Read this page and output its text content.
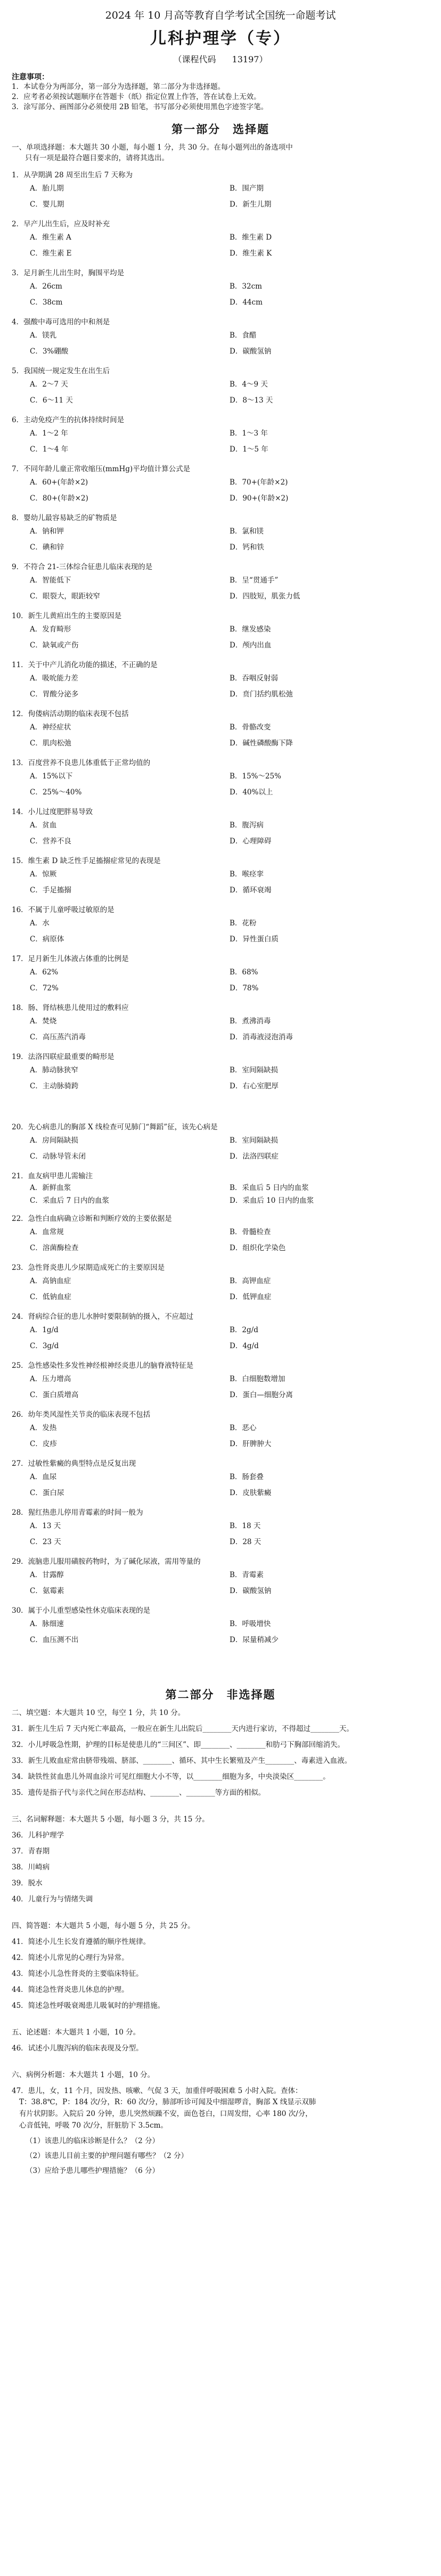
2024 年 10 月高等教育自学考试全国统一命题考试
儿科护理学（专）
（课程代码 13197）
注意事项：
1．本试卷分为两部分，第一部分为选择题，第二部分为非选择题。
2．应考者必须按试题顺序在答题卡（纸）指定位置上作答，答在试卷上无效。
3．涂写部分、画图部分必须使用 2B 铅笔，书写部分必须使用黑色字迹签字笔。
第一部分　选择题
一、单项选择题：本大题共 30 小题，每小题 1 分，共 30 分。在每小题列出的备选项中
只有一项是最符合题目要求的，请将其选出。
1．从孕期满 28 周至出生后 7 天称为
A．胎儿期	B．围产期
C．婴儿期	D．新生儿期
2．早产儿出生后，应及时补充
A．维生素 A	B．维生素 D
C．维生素 E	D．维生素 K
3．足月新生儿出生时，胸围平均是
A．26cm	B．32cm
C．38cm	D．44cm
4．强酸中毒可选用的中和剂是
A．镁乳	B．食醋
C．3%硼酸	D．碳酸氢钠
5．我国统一规定发生在出生后
A．2～7 天	B．4～9 天
C．6～11 天	D．8～13 天
6．主动免疫产生的抗体持续时间是
A．1～2 年	B．1～3 年
C．1～4 年	D．1～5 年
7．不同年龄儿童正常收缩压(mmHg)平均值计算公式是
A．60+(年龄×2)	B．70+(年龄×2)
C．80+(年龄×2)	D．90+(年龄×2)
8．婴幼儿最容易缺乏的矿物质是
A．钠和钾	B．氯和镁
C．碘和锌	D．钙和铁
9．不符合 21-三体综合征患儿临床表现的是
A．智能低下	B．呈“贯通手”
C．眼裂大，眼距较窄	D．四肢短，肌张力低
10．新生儿黄疸出生的主要原因是
A．发育畸形	B．继发感染
C．缺氧或产伤	D．颅内出血
11．关于中产儿消化功能的描述，不正确的是
A．吸吮能力差	B．吞咽反射弱
C．胃酸分泌多	D．贲门括约肌松弛
12．佝偻病活动期的临床表现不包括
A．神经症状	B．骨骼改变
C．肌肉松弛	D．碱性磷酸酶下降
13．百度营养不良患儿体重低于正常均值的
A．15%以下	B．15%～25%
C．25%～40%	D．40%以上
14．小儿过度肥胖易导致
A．贫血	B．腹泻病
C．营养不良	D．心理障碍
15．维生素 D 缺乏性手足搐搦症常见的表现是
A．惊厥	B．喉痉挛
C．手足搐搦	D．循环衰竭
16．不属于儿童呼吸过敏原的是
A．水	B．花粉
C．病原体	D．异性蛋白质
17．足月新生儿体液占体重的比例是
A．62%	B．68%
C．72%	D．78%
18．肠、肾结核患儿使用过的敷料应
A．焚烧	B．煮沸消毒
C．高压蒸汽消毒	D．消毒液浸泡消毒
19．法洛四联症最重要的畸形是
A．肺动脉狭窄	B．室间隔缺损
C．主动脉骑跨	D．右心室肥厚
20．先心病患儿的胸部 X 线检查可见肺门“舞蹈”征，该先心病是
A．房间隔缺损	B．室间隔缺损
C．动脉导管未闭	D．法洛四联症
21．血友病甲患儿需输注
A．新鲜血浆	B．采血后 5 日内的血浆
C．采血后 7 日内的血浆	D．采血后 10 日内的血浆
22．急性白血病确立诊断和判断疗效的主要依据是
A．血常规	B．骨髓检查
C．溶菌酶检查	D．组织化学染色
23．急性肾炎患儿少尿期造成死亡的主要原因是
A．高钠血症	B．高钾血症
C．低钠血症	D．低钾血症
24．肾病综合征的患儿水肿时要限制钠的摄入，不应超过
A．1g/d	B．2g/d
C．3g/d	D．4g/d
25．急性感染性多发性神经根神经炎患儿的脑脊液特征是
A．压力增高	B．白细胞数增加
C．蛋白质增高	D．蛋白—细胞分离
26．幼年类风湿性关节炎的临床表现不包括
A．发热	B．恶心
C．皮疹	D．肝脾肿大
27．过敏性紫癜的典型特点是反复出现
A．血尿	B．肠套叠
C．蛋白尿	D．皮肤紫癜
28．猩红热患儿停用青霉素的时间一般为
A．13 天	B．18 天
C．23 天	D．28 天
29．流脑患儿服用磺胺药物时，为了碱化尿液，需用等量的
A．甘露醇	B．青霉素
C．氨霉素	D．碳酸氢钠
30．属于小儿重型感染性休克临床表现的是
A．脉细速	B．呼吸增快
C．血压测不出	D．尿量稍减少
第二部分　非选择题
二、填空题：本大题共 10 空，每空 1 分，共 10 分。
31．新生儿生后 7 天内死亡率最高，一般应在新生儿出院后________天内进行家访，不得超过________天。
32．小儿呼吸急性期，护理的目标是使患儿的“三间区”、即________、________和肋弓下胸部回缩消失。
33．新生儿败血症常由脐带残端、脐部、________、循环、其中生长繁殖及产生________、毒素进入血液。
34．缺铁性贫血患儿外周血涂片可见红细胞大小不等，以________细胞为多，中央淡染区________。
35．遗传是指子代与亲代之间在形态结构、________、________等方面的相似。
三、名词解释题：本大题共 5 小题，每小题 3 分，共 15 分。
36．儿科护理学
37．青春期
38．川崎病
39．脱水
40．儿童行为与情绪失调
四、简答题：本大题共 5 小题，每小题 5 分，共 25 分。
41．简述小儿生长发育遵循的顺序性规律。
42．简述小儿常见的心理行为异常。
43．简述小儿急性肾炎的主要临床特征。
44．简述急性肾炎患儿休息的护理。
45．简述急性呼吸衰竭患儿吸氧时的护理措施。
五、论述题：本大题共 1 小题，10 分。
46．试述小儿腹泻病的临床表现及分型。
六、病例分析题：本大题共 1 小题，10 分。
47．患儿，女，11 个月，因发热、咳嗽、气促 3 天，加重伴呼吸困难 5 小时入院。查体：
T：38.8℃，P：184 次/分，R：60 次/分，肺部听诊可闻及中细湿啰音，胸部 X 线显示双肺
有片状阴影。入院后 20 分钟，患儿突然烦躁不安，面色苍白，口周发绀，心率 180 次/分，
心音低钝，呼吸 70 次/分，肝脏肋下 3.5cm。
（1）该患儿的临床诊断是什么？（2 分）
（2）该患儿目前主要的护理问题有哪些？（2 分）
（3）应给予患儿哪些护理措施？（6 分）
